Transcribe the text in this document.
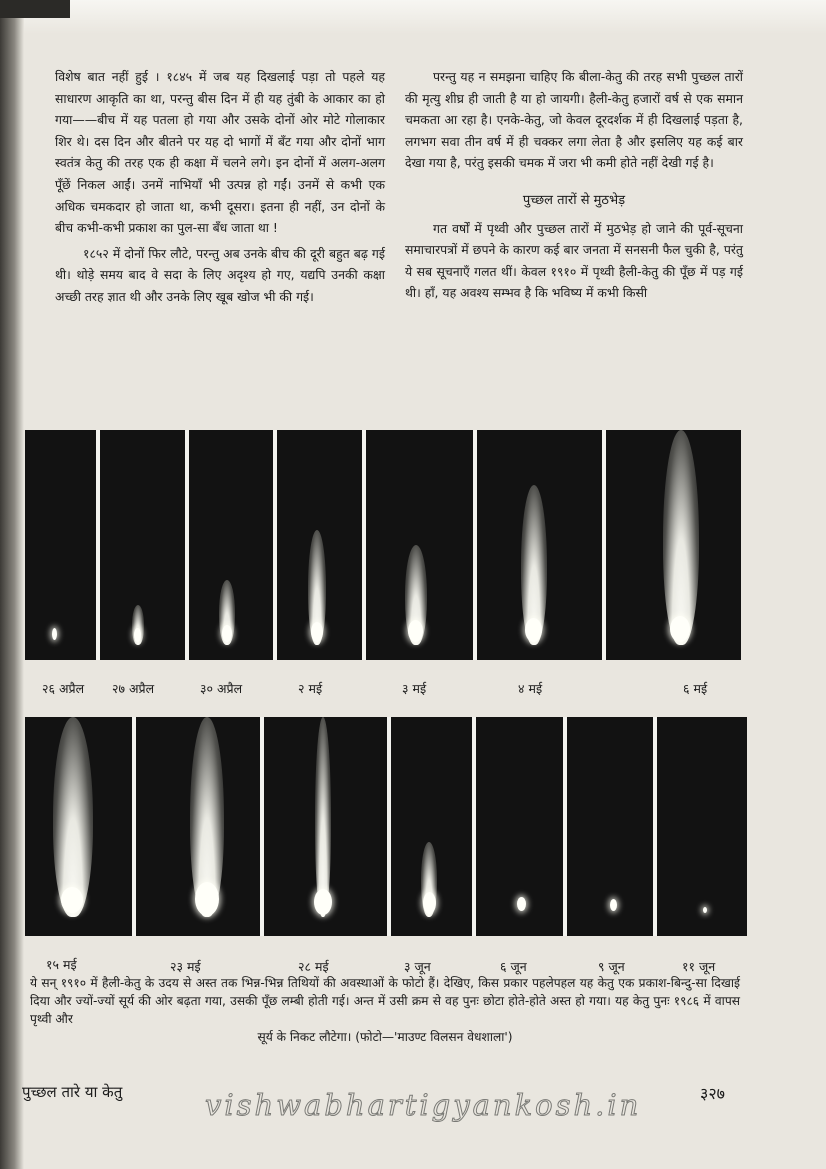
विशेष बात नहीं हुई । १८४५ में जब यह दिखलाई पड़ा तो पहले यह साधारण आकृति का था, परन्तु बीस दिन में ही यह तुंबी के आकार का हो गया——बीच में यह पतला हो गया और उसके दोनों ओर मोटे गोलाकार शिर थे। दस दिन और बीतने पर यह दो भागों में बँट गया और दोनों भाग स्वतंत्र केतु की तरह एक ही कक्षा में चलने लगे। इन दोनों में अलग-अलग पूँछें निकल आईं। उनमें नाभियाँ भी उत्पन्न हो गईं। उनमें से कभी एक अधिक चमकदार हो जाता था, कभी दूसरा। इतना ही नहीं, उन दोनों के बीच कभी-कभी प्रकाश का पुल-सा बँध जाता था !

१८५२ में दोनों फिर लौटे, परन्तु अब उनके बीच की दूरी बहुत बढ़ गई थी। थोड़े समय बाद वे सदा के लिए अदृश्य हो गए, यद्यपि उनकी कक्षा अच्छी तरह ज्ञात थी और उनके लिए खूब खोज भी की गई।

परन्तु यह न समझना चाहिए कि बीला-केतु की तरह सभी पुच्छल तारों की मृत्यु शीघ्र ही जाती है या हो जायगी। हैली-केतु हजारों वर्ष से एक समान चमकता आ रहा है। एनके-केतु, जो केवल दूरदर्शक में ही दिखलाई पड़ता है, लगभग सवा तीन वर्ष में ही चक्कर लगा लेता है और इसलिए यह कई बार देखा गया है, परंतु इसकी चमक में जरा भी कमी होते नहीं देखी गई है।

पुच्छल तारों से मुठभेड़

गत वर्षों में पृथ्वी और पुच्छल तारों में मुठभेड़ हो जाने की पूर्व-सूचना समाचारपत्रों में छपने के कारण कई बार जनता में सनसनी फैल चुकी है, परंतु ये सब सूचनाएँ गलत थीं। केवल १९१० में पृथ्वी हैली-केतु की पूँछ में पड़ गई थी। हाँ, यह अवश्य सम्भव है कि भविष्य में कभी किसी

२६ अप्रैल २७ अप्रैल	३० अप्रैल	२ मई	३ मई	४ मई	६ मई
१५ मई	२३ मई	२८ मई	३ जून	६ जून	९ जून	११ जून
ये सन् १९१० में हैली-केतु के उदय से अस्त तक भिन्न-भिन्न तिथियों की अवस्थाओं के फोटो हैं। देखिए, किस प्रकार पहलेपहल यह केतु एक प्रकाश-बिन्दु-सा दिखाई दिया और ज्यों-ज्यों सूर्य की ओर बढ़ता गया, उसकी पूँछ लम्बी होती गई। अन्त में उसी क्रम से वह पुनः छोटा होते-होते अस्त हो गया। यह केतु पुनः १९८६ में वापस पृथ्वी और
सूर्य के निकट लौटेगा। (फोटो—'माउण्ट विलसन वेधशाला')
पुच्छल तारे या केतु	vishwabhartigyankosh.in	३२७
